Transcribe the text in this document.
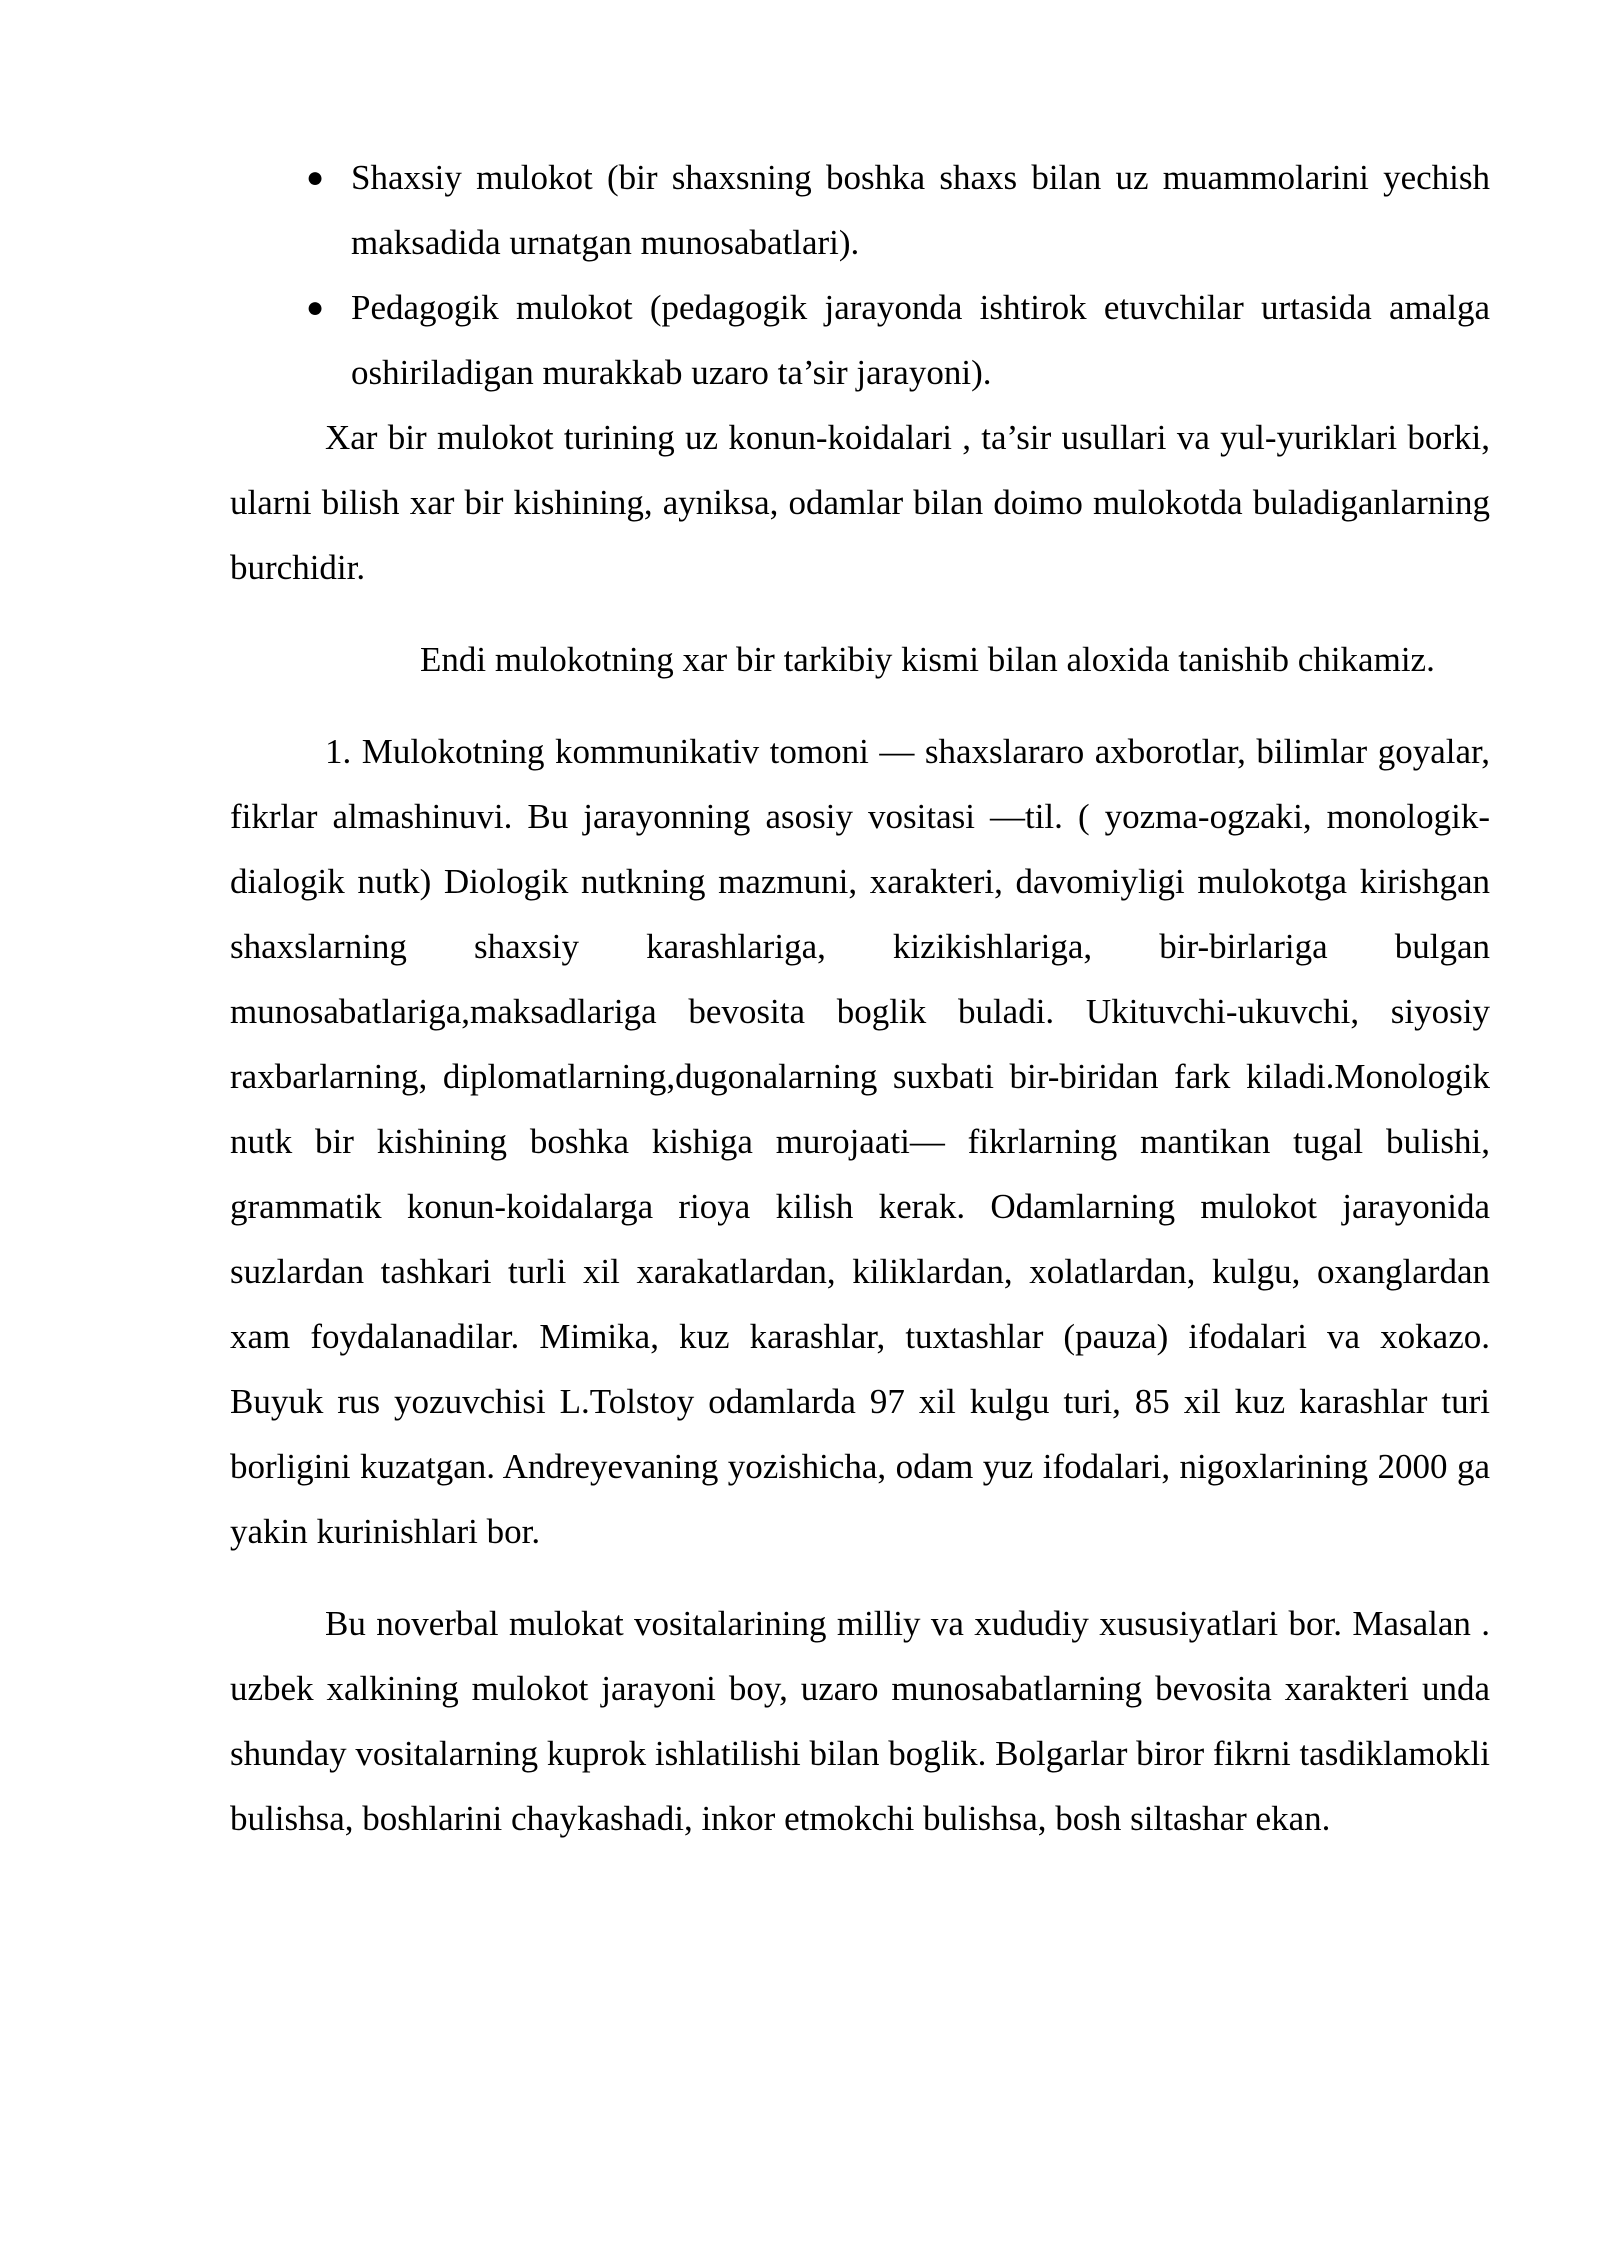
● Shaxsiy mulokot (bir shaxsning boshka shaxs bilan uz muammolarini yechish maksadida urnatgan munosabatlari).
● Pedagogik mulokot (pedagogik jarayonda ishtirok etuvchilar urtasida amalga oshiriladigan murakkab uzaro ta’sir jarayoni).

Xar bir mulokot turining uz konun-koidalari , ta’sir usullari va yul-yuriklari borki, ularni bilish xar bir kishining, ayniksa, odamlar bilan doimo mulokotda buladiganlarning burchidir.

Endi mulokotning xar bir tarkibiy kismi bilan aloxida tanishib chikamiz.

1. Mulokotning kommunikativ tomoni — shaxslararo axborotlar, bilimlar goyalar, fikrlar almashinuvi. Bu jarayonning asosiy vositasi —til. ( yozma-ogzaki, monologik-dialogik nutk) Diologik nutkning mazmuni, xarakteri, davomiyligi mulokotga kirishgan shaxslarning shaxsiy karashlariga, kizikishlariga, bir-birlariga bulgan munosabatlariga,maksadlariga bevosita boglik buladi. Ukituvchi-ukuvchi, siyosiy raxbarlarning, diplomatlarning,dugonalarning suxbati bir-biridan fark kiladi.Monologik nutk bir kishining boshka kishiga murojaati— fikrlarning mantikan tugal bulishi, grammatik konun-koidalarga rioya kilish kerak. Odamlarning mulokot jarayonida suzlardan tashkari turli xil xarakatlardan, kiliklardan, xolatlardan, kulgu, oxanglardan xam foydalanadilar. Mimika, kuz karashlar, tuxtashlar (pauza) ifodalari va xokazo. Buyuk rus yozuvchisi L.Tolstoy odamlarda 97 xil kulgu turi, 85 xil kuz karashlar turi borligini kuzatgan. Andreyevaning yozishicha, odam yuz ifodalari, nigoxlarining 2000 ga yakin kurinishlari bor.

Bu noverbal mulokat vositalarining milliy va xududiy xususiyatlari bor. Masalan . uzbek xalkining mulokot jarayoni boy, uzaro munosabatlarning bevosita xarakteri unda shunday vositalarning kuprok ishlatilishi bilan boglik. Bolgarlar biror fikrni tasdiklamokli bulishsa, boshlarini chaykashadi, inkor etmokchi bulishsa, bosh siltashar ekan.
